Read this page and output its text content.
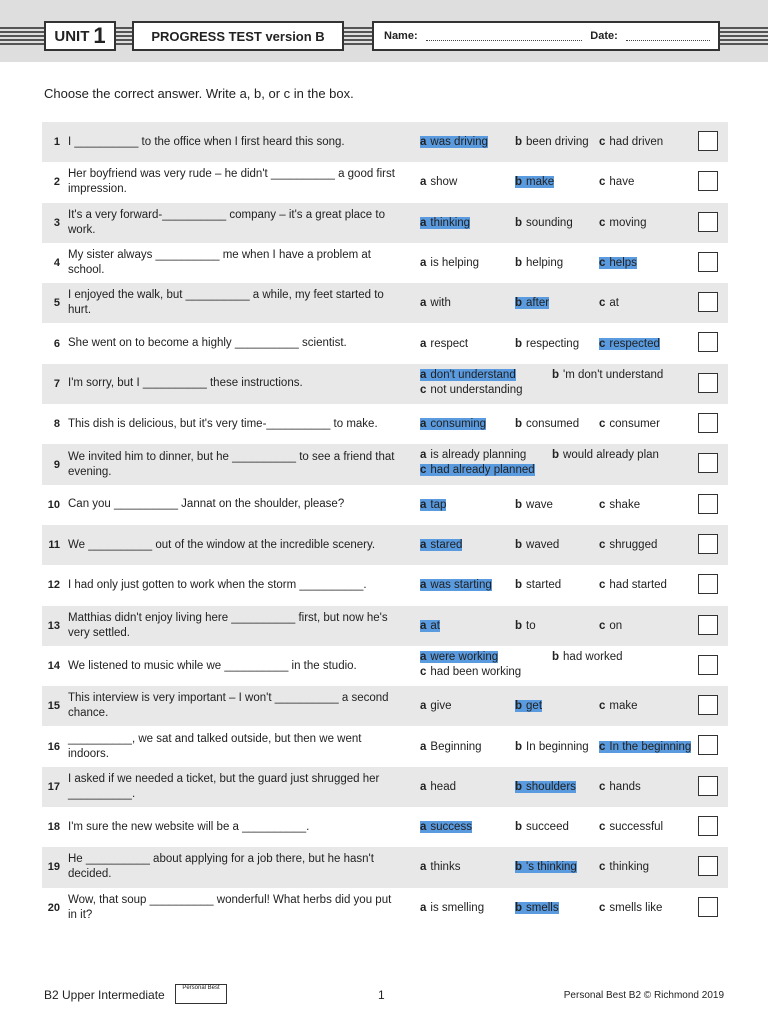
UNIT 1	PROGRESS TEST version B	Name:	Date:
Choose the correct answer. Write a, b, or c in the box.
1 I __________ to the office when I first heard this song.	a was driving b been driving c had driven
2
Her boyfriend was very rude – he didn't __________ a good first impression.
a show	b make	c have
3
It's a very forward-__________ company – it's a great place to work.
a thinking	b sounding c moving
4
My sister always __________ me when I have a problem at school.
a is helping	b helping	c helps
5
I enjoyed the walk, but __________ a while, my feet started to hurt.
a with	b after	c at
6 She went on to become a highly __________ scientist.	a respect	b respecting c respected
7 I'm sorry, but I __________ these instructions.
a don't understand	b 'm don't understand
c not understanding
8 This dish is delicious, but it's very time-__________ to make.	a consuming	b consumed c consumer
9
We invited him to dinner, but he __________ to see a friend that evening.
a is already planning b would already plan
c had already planned
10 Can you __________ Jannat on the shoulder, please?	a tap	b wave	c shake
11 We __________ out of the window at the incredible scenery.	a stared	b waved	c shrugged
12 I had only just gotten to work when the storm __________.	a was starting b started	c had started
13
Matthias didn't enjoy living here __________ first, but now he's very settled.
a at	b to	c on
14 We listened to music while we __________ in the studio.
a were working	b had worked
c had been working
15
This interview is very important – I won't __________ a second chance.
a give	b get	c make
16
__________, we sat and talked outside, but then we went indoors.
a Beginning	b In beginning c In the beginning
17
I asked if we needed a ticket, but the guard just shrugged her __________.
a head	b shoulders c hands
18 I'm sure the new website will be a __________.	a success	b succeed	c successful
19
He __________ about applying for a job there, but he hasn't decided.
a thinks	b 's thinking c thinking
20
Wow, that soup __________ wonderful! What herbs did you put in it?
a is smelling	b smells	c smells like
B2 Upper Intermediate	Personal Best	1	Personal Best B2 © Richmond 2019
